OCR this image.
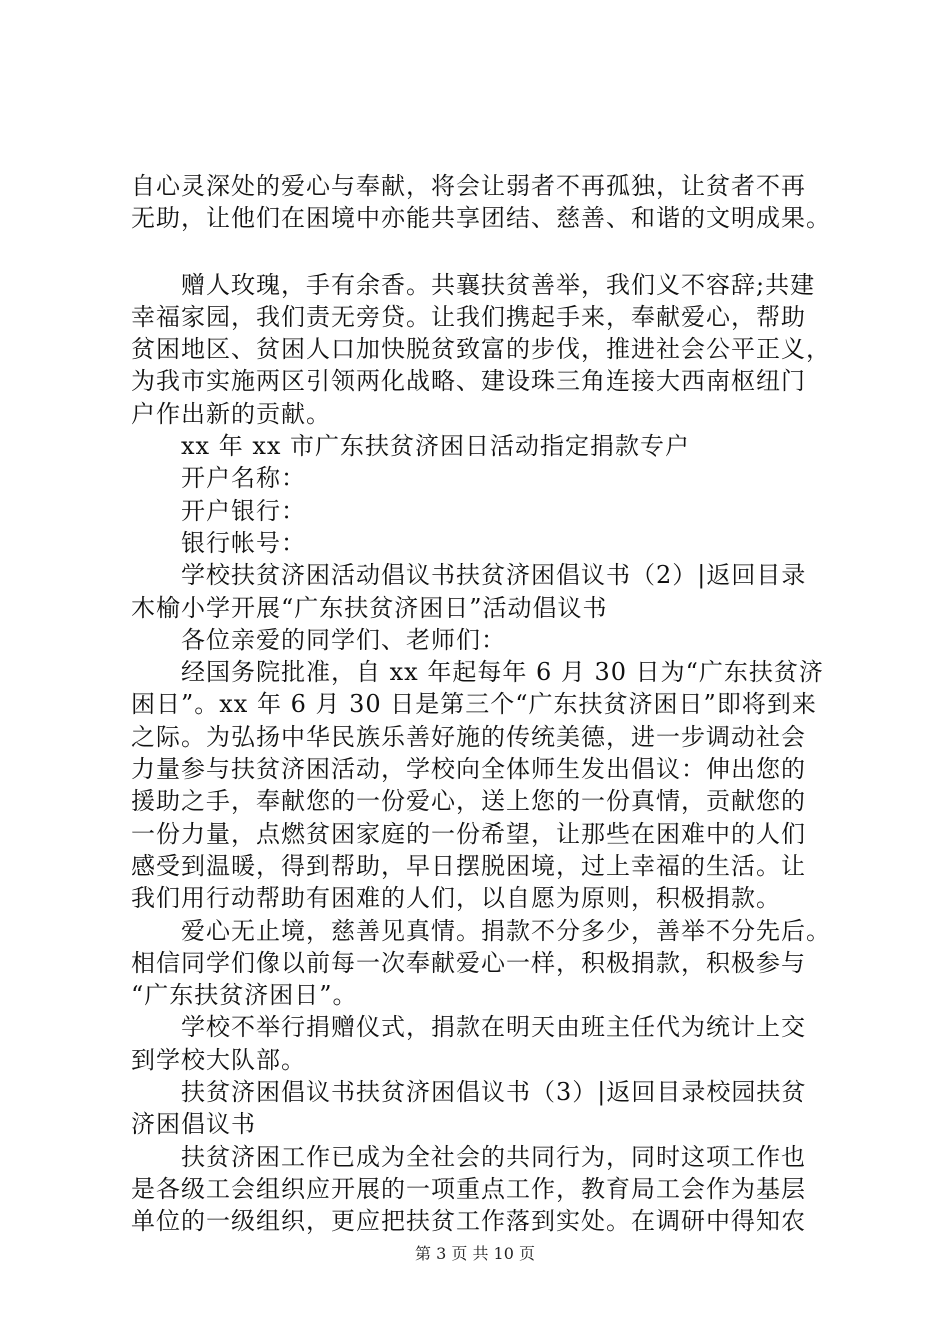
自心灵深处的爱心与奉献，将会让弱者不再孤独，让贫者不再
无助，让他们在困境中亦能共享团结、慈善、和谐的文明成果。
　　赠人玫瑰，手有余香。共襄扶贫善举，我们义不容辞;共建
幸福家园，我们责无旁贷。让我们携起手来，奉献爱心，帮助
贫困地区、贫困人口加快脱贫致富的步伐，推进社会公平正义，
为我市实施两区引领两化战略、建设珠三角连接大西南枢纽门
户作出新的贡献。
　　xx 年 xx 市广东扶贫济困日活动指定捐款专户
　　开户名称：
　　开户银行：
　　银行帐号：
　　学校扶贫济困活动倡议书扶贫济困倡议书（2）|返回目录
木榆小学开展“广东扶贫济困日”活动倡议书
　　各位亲爱的同学们、老师们：
　　经国务院批准，自 xx 年起每年 6 月 30 日为“广东扶贫济
困日”。xx 年 6 月 30 日是第三个“广东扶贫济困日”即将到来
之际。为弘扬中华民族乐善好施的传统美德，进一步调动社会
力量参与扶贫济困活动，学校向全体师生发出倡议：伸出您的
援助之手，奉献您的一份爱心，送上您的一份真情，贡献您的
一份力量，点燃贫困家庭的一份希望，让那些在困难中的人们
感受到温暖，得到帮助，早日摆脱困境，过上幸福的生活。让
我们用行动帮助有困难的人们，以自愿为原则，积极捐款。
　　爱心无止境，慈善见真情。捐款不分多少，善举不分先后。
相信同学们像以前每一次奉献爱心一样，积极捐款，积极参与
“广东扶贫济困日”。
　　学校不举行捐赠仪式，捐款在明天由班主任代为统计上交
到学校大队部。
　　扶贫济困倡议书扶贫济困倡议书（3）|返回目录校园扶贫
济困倡议书
　　扶贫济困工作已成为全社会的共同行为，同时这项工作也
是各级工会组织应开展的一项重点工作，教育局工会作为基层
单位的一级组织，更应把扶贫工作落到实处。在调研中得知农
第 3 页 共 10 页
